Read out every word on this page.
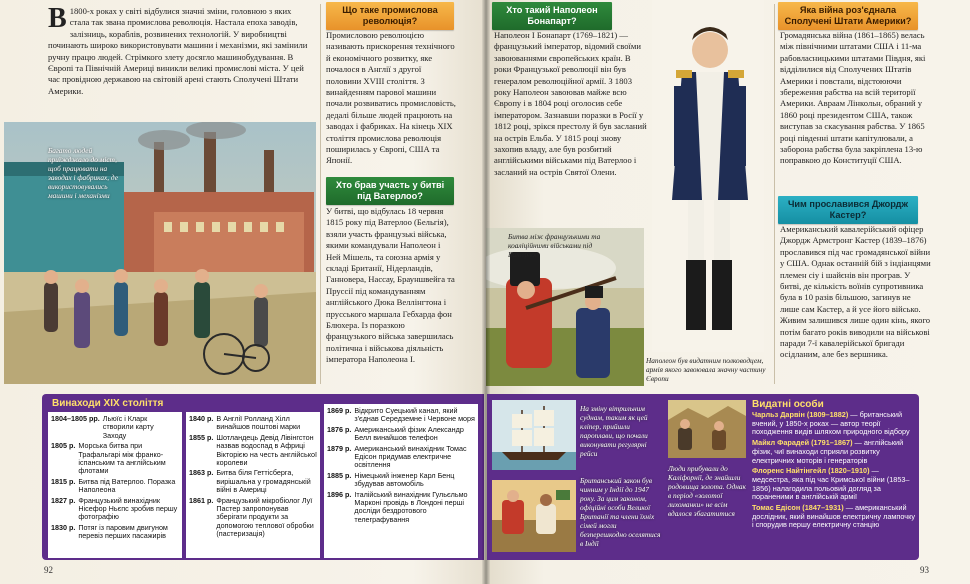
Багато людей приїжджало до міст, щоб працювати на заводах і фабриках, де використовувались машини і механізми
В 1800-х роках у світі відбулися значні зміни, головною з яких стала так звана промислова революція. Настала епоха заводів, залізниць, кораблів, розвинених технологій. У виробництві починають широко використовувати машини і механізми, які замінили ручну працю людей. Стрімкого злету досягло машинобудування. В Європі та Північній Америці виникли великі промислові міста. У цей час провідною державою на світовій арені стають Сполучені Штати Америки.
Що таке промислова революція?
Промисловою революцією називають прискорення технічного й економічного розвитку, яке почалося в Англії з другої половини XVIII століття. З винайденням парової машини почали розвиватись промисловість, дедалі більше людей працюють на заводах і фабриках. На кінець XIX століття промислова революція поширилась у Європі, США та Японії.
Хто брав участь у битві під Ватерлоо?
У битві, що відбулась 18 червня 1815 року під Ватерлоо (Бельгія), взяли участь французькі війська, якими командували Наполеон і Ней Мішель, та союзна армія у складі Британії, Нідерландів, Ганновера, Нассау, Брауншвейга та Пруссії під командуванням англійського Дюка Веллінгтона і прусського маршала Гебхарда фон Блюхера. Із поразкою французького війська завершилась політична і військова діяльність імператора Наполеона I.
Винаходи XIX століття
1804–1805 рр. Льюїс і Кларк створили карту Заходу
1805 р. Морська битва при Трафальгарі між франко-іспанським та англійським флотами
1815 р. Битва під Ватерлоо. Поразка Наполеона
1827 р. Французький винахідник Нісефор Ньєпс зробив першу фотографію
1830 р. Потяг із паровим двигуном перевіз перших пасажирів
1840 р. В Англії Ролланд Хілл винайшов поштові марки
1855 р. Шотландець Девід Лівінгстон назвав водоспад в Африці Вікторією на честь англійської королеви
1863 р. Битва біля Геттісберга, вирішальна у громадянській війні в Америці
1861 р. Французький мікробіолог Луї Пастер запропонував зберігати продукти за допомогою теплової обробки (пастеризація)
1869 р. Відкрито Суецький канал, який з'єднав Середземне і Червоне моря
1876 р. Американський фізик Александр Белл винайшов телефон
1879 р. Американський винахідник Томас Едісон придумав електричне освітлення
1885 р. Німецький інженер Карл Бенц збудував автомобіль
1896 р. Італійський винахідник Гульєльмо Марконі провідь в Лондоні перші досліди бездротового телеграфування
92
Хто такий Наполеон Бонапарт?
Наполеон I Бонапарт (1769–1821) — французький імператор, відомий своїми завоюваннями європейських країн. В роки Французької революції він був генералом революційної армії. З 1803 року Наполеон завоював майже всю Європу і в 1804 році оголосив себе імператором. Зазнавши поразки в Росії у 1812 році, зрікся престолу й був засланий на острів Ельба. У 1815 році знову захопив владу, але був розбитий англійськими військами під Ватерлоо і засланий на острів Святої Олени.
Битва між французькими та коаліційними військами під Ватерлоо
Наполеон був видатним полководцем, армія якого завоювала значну частину Європи
Яка війна роз'єднала Сполучені Штати Америки?
Громадянська війна (1861–1865) велась між північними штатами США і 11-ма рабовласницькими штатами Півдня, які відділилися від Сполучених Штатів Америки і повстали, відстоюючи збереження рабства на всій території Америки. Авраам Лінкольн, обраний у 1860 році президентом США, також виступав за скасування рабства. У 1865 році південні штати капітулювали, а заборона рабства була закріплена 13-ю поправкою до Конституції США.
Чим прославився Джордж Кастер?
Американський кавалерійський офіцер Джордж Армстронг Кастер (1839–1876) прославився під час громадянської війни у США. Однак останній бій з індіанцями племен сіу і шайєнів він програв. У битві, де кількість воїнів супротивника була в 10 разів більшою, загинув не лише сам Кастер, а й усе його військо. Живим залишився лише один кінь, якого потім багато років виводили на військові паради 7-ї кавалерійської бригади осідланим, але без вершника.
93
На зміну вітрильним суднам, таким як цей кліпер, прийшли пароплави, що почали виконувати регулярні рейси
Британський закон був чинним у Індії до 1947 року. За цим законом, офіційні особи Великої Британії та члени їхніх сімей могли безперешкодно оселятися в Індії
Люди прибували до Каліфорнії, де знайшли родовища золота. Однак в період «золотої лихоманки» не всім вдалося збагатитися
Видатні особи
Чарльз Дарвін (1809–1882) — британський вчений, у 1850-х роках — автор теорії походження видів шляхом природного відбору
Майкл Фарадей (1791–1867) — англійський фізик, чиї винаходи сприяли розвитку електричних моторів і генераторів
Флоренс Найтінгейл (1820–1910) — медсестра, яка під час Кримської війни (1853–1856) налагодила польовий догляд за пораненими в англійській армії
Томас Едісон (1847–1931) — американський дослідник, який винайшов електричну лампочку і спорудив першу електричну станцію
